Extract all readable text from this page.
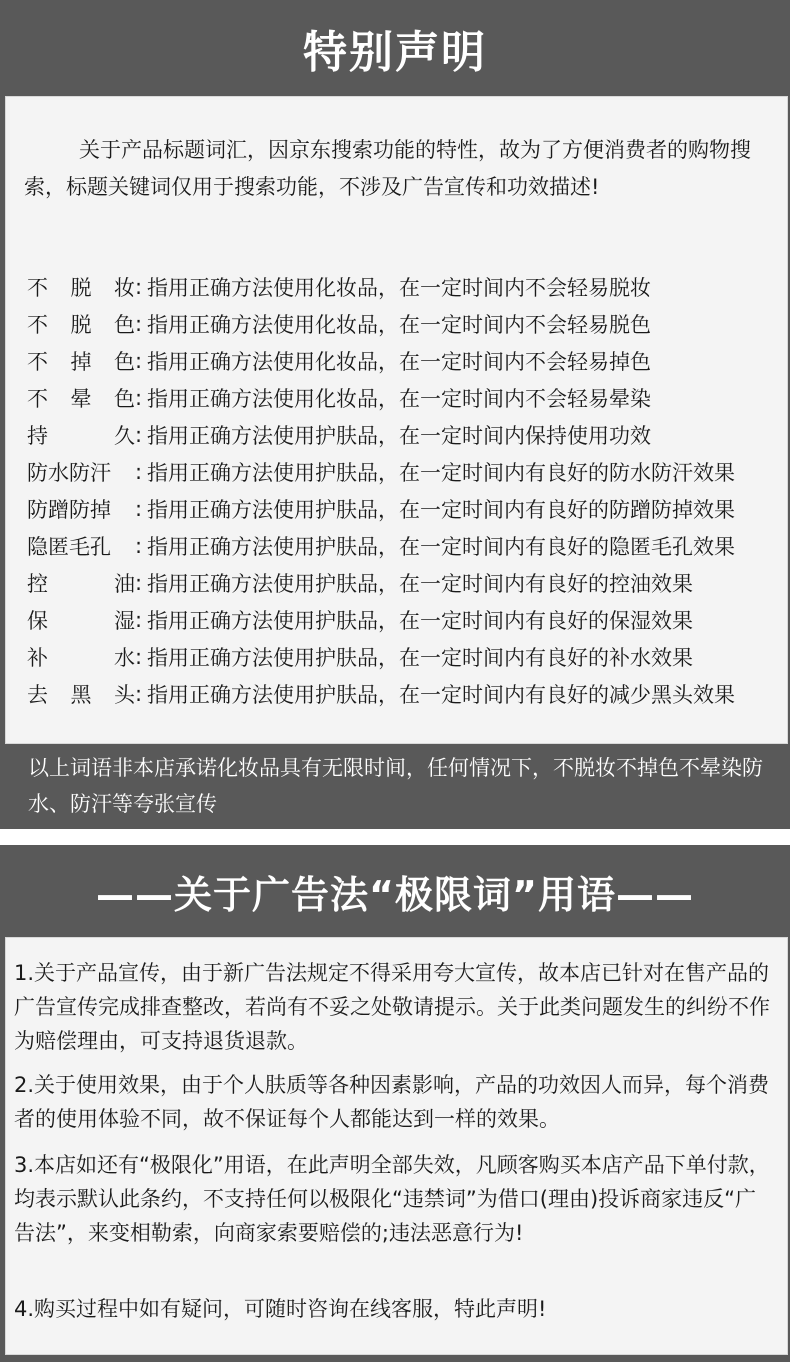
特别声明

关于产品标题词汇，因京东搜索功能的特性，故为了方便消费者的购物搜索，标题关键词仅用于搜索功能，不涉及广告宣传和功效描述!

不 脱 妆 : 指用正确方法使用化妆品，在一定时间内不会轻易脱妆
不 脱 色 : 指用正确方法使用化妆品，在一定时间内不会轻易脱色
不 掉 色 : 指用正确方法使用化妆品，在一定时间内不会轻易掉色
不 晕 色 : 指用正确方法使用化妆品，在一定时间内不会轻易晕染
持	久 : 指用正确方法使用护肤品，在一定时间内保持使用功效
防水防汗 : 指用正确方法使用护肤品，在一定时间内有良好的防水防汗效果
防蹭防掉 : 指用正确方法使用护肤品，在一定时间内有良好的防蹭防掉效果
隐匿毛孔 : 指用正确方法使用护肤品，在一定时间内有良好的隐匿毛孔效果
控	油 : 指用正确方法使用护肤品，在一定时间内有良好的控油效果
保	湿 : 指用正确方法使用护肤品，在一定时间内有良好的保湿效果
补	水 : 指用正确方法使用护肤品，在一定时间内有良好的补水效果
去 黑 头 : 指用正确方法使用护肤品，在一定时间内有良好的减少黑头效果

以上词语非本店承诺化妆品具有无限时间，任何情况下，不脱妆不掉色不晕染防水、防汗等夸张宣传

——关于广告法“极限词”用语——

1.关于产品宣传，由于新广告法规定不得采用夸大宣传，故本店已针对在售产品的广告宣传完成排查整改，若尚有不妥之处敬请提示。关于此类问题发生的纠纷不作为赔偿理由，可支持退货退款。

2.关于使用效果，由于个人肤质等各种因素影响，产品的功效因人而异，每个消费者的使用体验不同，故不保证每个人都能达到一样的效果。

3.本店如还有“极限化”用语，在此声明全部失效，凡顾客购买本店产品下单付款，均表示默认此条约，不支持任何以极限化“违禁词”为借口(理由)投诉商家违反“广告法”，来变相勒索，向商家索要赔偿的;违法恶意行为!

4.购买过程中如有疑问，可随时咨询在线客服，特此声明!
